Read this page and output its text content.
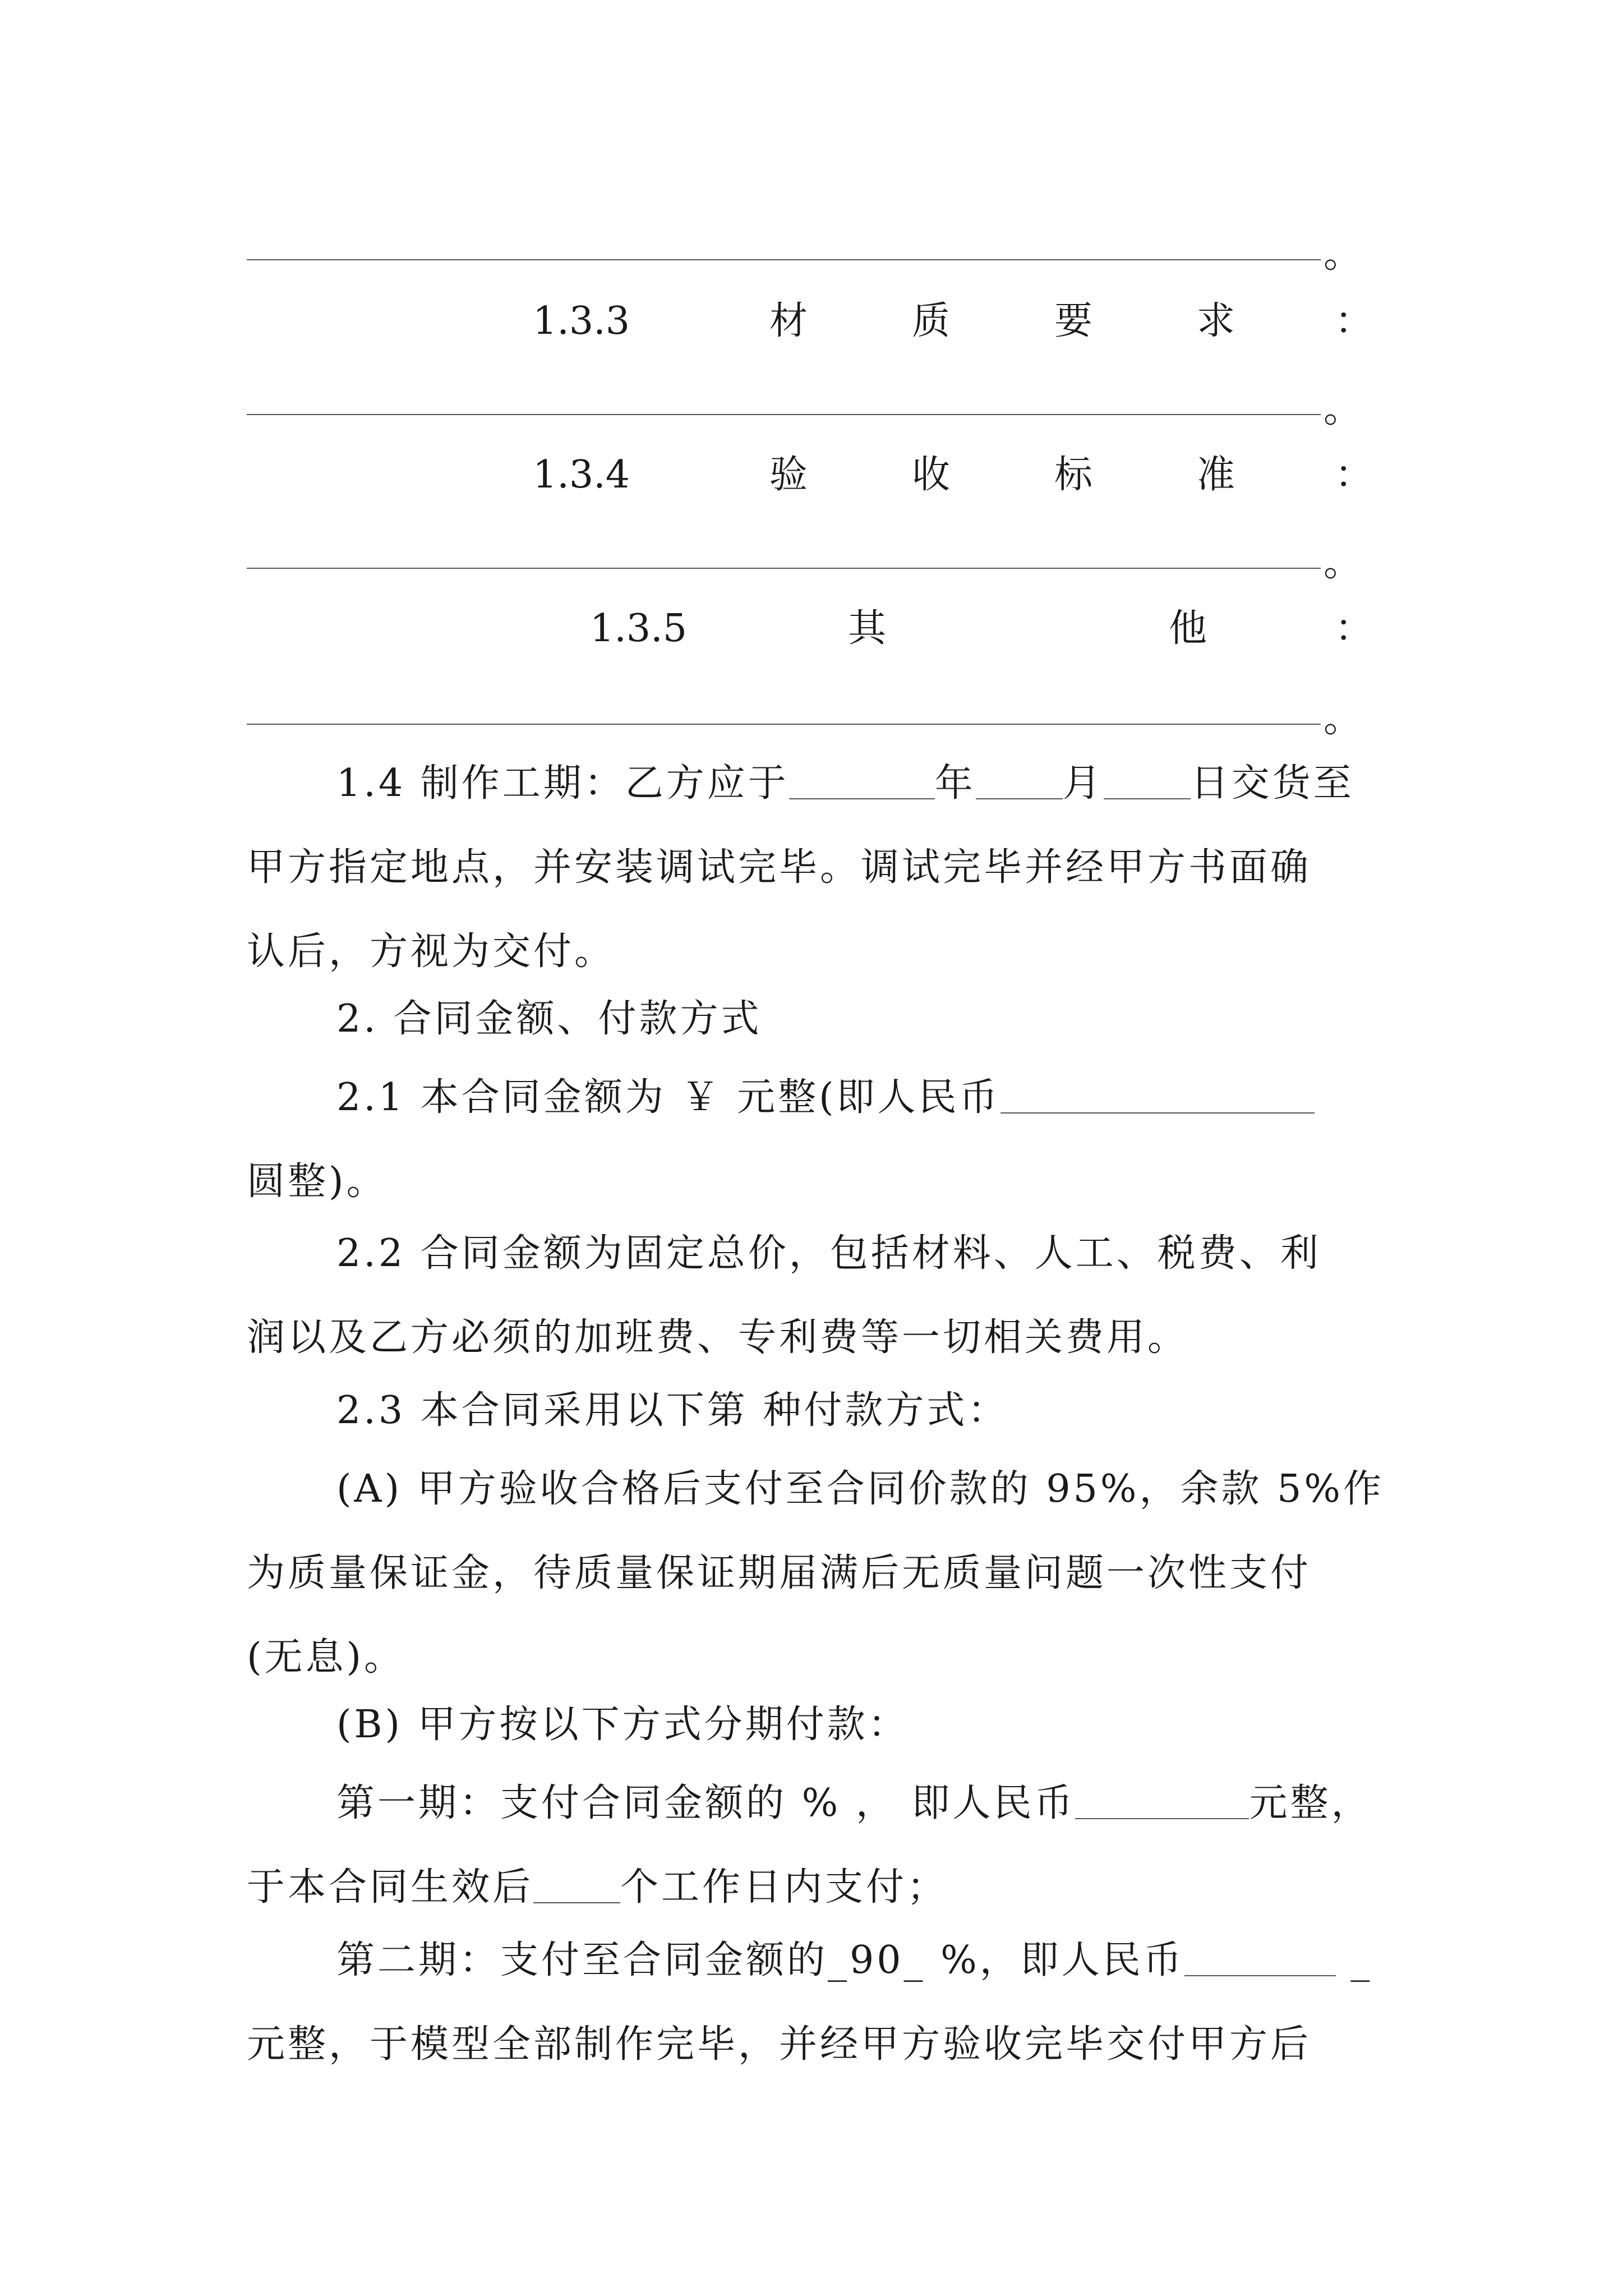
。
1.3.3	材	质	要	求	：
。
1.3.4	验	收	标	准	：
。
1.3.5	其	他	：
。
1.4 制作工期：乙方应于	年 月 日交货至
甲方指定地点，并安装调试完毕。调试完毕并经甲方书面确
认后，方视为交付。
2. 合同金额、付款方式
2.1 本合同金额为 ￥ 元整(即人民币
圆整)。
2.2 合同金额为固定总价，包括材料、人工、税费、利
润以及乙方必须的加班费、专利费等一切相关费用。
2.3 本合同采用以下第 种付款方式：
(A) 甲方验收合格后支付至合同价款的 95%，余款 5%作
为质量保证金，待质量保证期届满后无质量问题一次性支付
(无息)。
(B) 甲方按以下方式分期付款：
第一期：支付合同金额的 % ， 即人民币	元整，
于本合同生效后 个工作日内支付；
第二期：支付至合同金额的_90_ %，即人民币	_
元整，于模型全部制作完毕，并经甲方验收完毕交付甲方后
